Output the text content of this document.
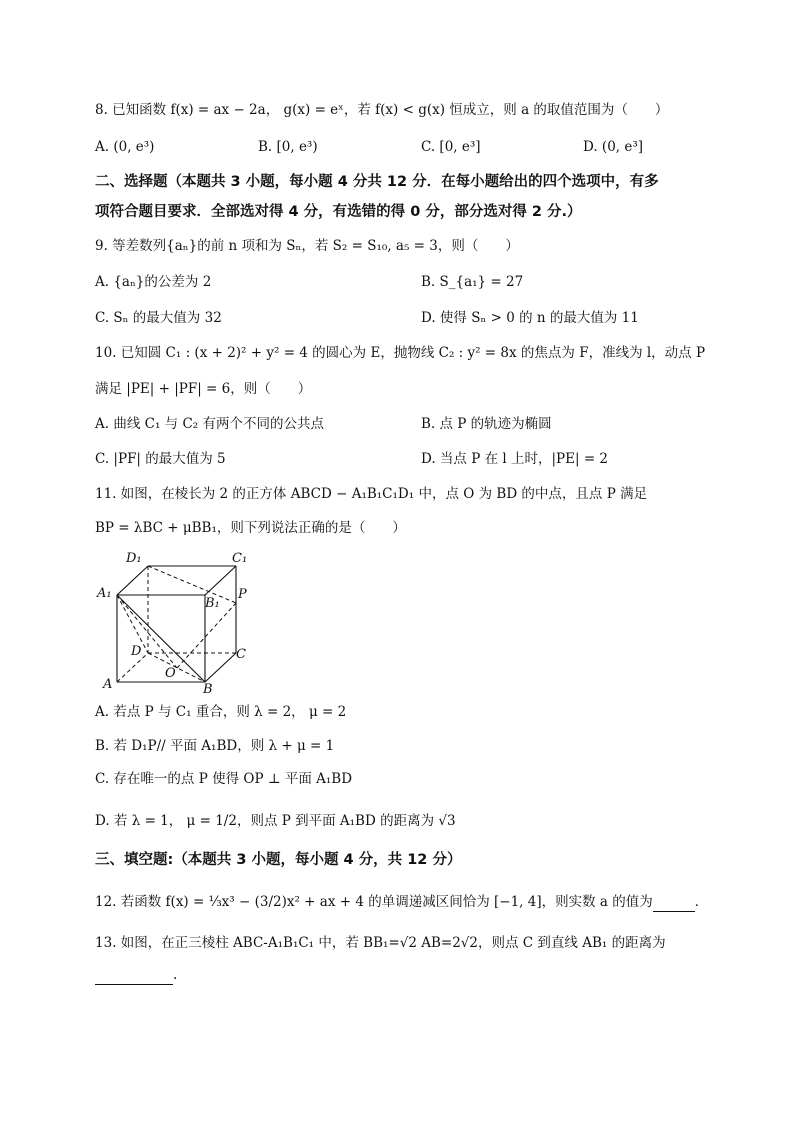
8. 已知函数 f(x) = ax − 2a， g(x) = eˣ，若 f(x) < g(x) 恒成立，则 a 的取值范围为（　　）
A. (0, e³)	B. [0, e³)	C. [0, e³]	D. (0, e³]
二、选择题（本题共 3 小题，每小题 4 分共 12 分．在每小题给出的四个选项中，有多
项符合题目要求．全部选对得 4 分，有选错的得 0 分，部分选对得 2 分.）
9. 等差数列{aₙ}的前 n 项和为 Sₙ，若 S₂ = S₁₀, a₅ = 3，则（　　）
A. {aₙ}的公差为 2	B. S_{a₁} = 27
C. Sₙ 的最大值为 32	D. 使得 Sₙ > 0 的 n 的最大值为 11
10. 已知圆 C₁ : (x + 2)² + y² = 4 的圆心为 E，抛物线 C₂ : y² = 8x 的焦点为 F，准线为 l，动点 P
满足 |PE| + |PF| = 6，则（　　）
A. 曲线 C₁ 与 C₂ 有两个不同的公共点	B. 点 P 的轨迹为椭圆
C. |PF| 的最大值为 5	D. 当点 P 在 l 上时，|PE| = 2
11. 如图，在棱长为 2 的正方体 ABCD − A₁B₁C₁D₁ 中，点 O 为 BD 的中点，且点 P 满足
BP = λBC + μBB₁，则下列说法正确的是（　　）
D₁	C₁
A₁
B₁
P
D	C
O
A	B
A. 若点 P 与 C₁ 重合，则 λ = 2， μ = 2
B. 若 D₁P// 平面 A₁BD，则 λ + μ = 1
C. 存在唯一的点 P 使得 OP ⊥ 平面 A₁BD
D. 若 λ = 1， μ = 1/2，则点 P 到平面 A₁BD 的距离为 √3
三、填空题:（本题共 3 小题，每小题 4 分，共 12 分）
12. 若函数 f(x) = ⅓x³ − (3/2)x² + ax + 4 的单调递减区间恰为 [−1, 4]，则实数 a 的值为	．
13. 如图，在正三棱柱 ABC-A₁B₁C₁ 中，若 BB₁=√2 AB=2√2，则点 C 到直线 AB₁ 的距离为
.
